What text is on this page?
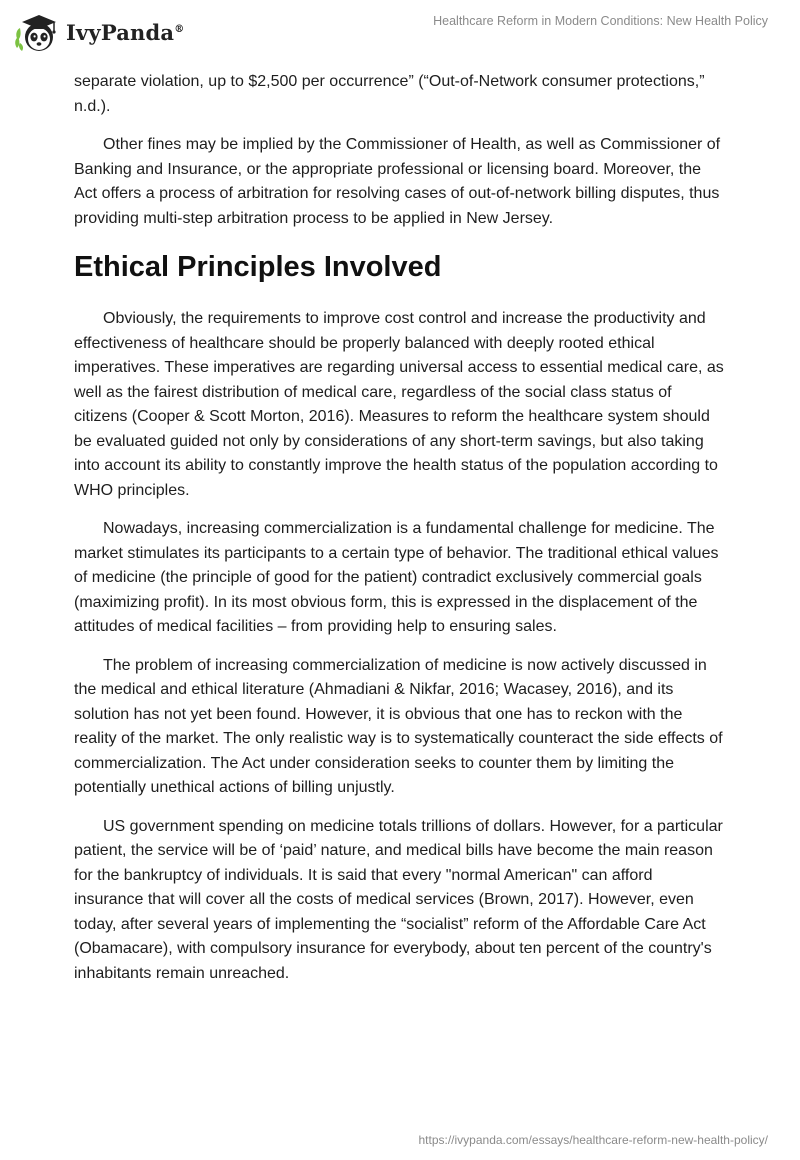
IvyPanda®
Healthcare Reform in Modern Conditions: New Health Policy

separate violation, up to $2,500 per occurrence” (“Out-of-Network consumer protections,” n.d.).

Other fines may be implied by the Commissioner of Health, as well as Commissioner of Banking and Insurance, or the appropriate professional or licensing board. Moreover, the Act offers a process of arbitration for resolving cases of out-of-network billing disputes, thus providing multi-step arbitration process to be applied in New Jersey.

Ethical Principles Involved

Obviously, the requirements to improve cost control and increase the productivity and effectiveness of healthcare should be properly balanced with deeply rooted ethical imperatives. These imperatives are regarding universal access to essential medical care, as well as the fairest distribution of medical care, regardless of the social class status of citizens (Cooper & Scott Morton, 2016). Measures to reform the healthcare system should be evaluated guided not only by considerations of any short-term savings, but also taking into account its ability to constantly improve the health status of the population according to WHO principles.

Nowadays, increasing commercialization is a fundamental challenge for medicine. The market stimulates its participants to a certain type of behavior. The traditional ethical values of medicine (the principle of good for the patient) contradict exclusively commercial goals (maximizing profit). In its most obvious form, this is expressed in the displacement of the attitudes of medical facilities – from providing help to ensuring sales.

The problem of increasing commercialization of medicine is now actively discussed in the medical and ethical literature (Ahmadiani & Nikfar, 2016; Wacasey, 2016), and its solution has not yet been found. However, it is obvious that one has to reckon with the reality of the market. The only realistic way is to systematically counteract the side effects of commercialization. The Act under consideration seeks to counter them by limiting the potentially unethical actions of billing unjustly.

US government spending on medicine totals trillions of dollars. However, for a particular patient, the service will be of ‘paid’ nature, and medical bills have become the main reason for the bankruptcy of individuals. It is said that every "normal American" can afford insurance that will cover all the costs of medical services (Brown, 2017). However, even today, after several years of implementing the “socialist” reform of the Affordable Care Act (Obamacare), with compulsory insurance for everybody, about ten percent of the country's inhabitants remain unreached.

https://ivypanda.com/essays/healthcare-reform-new-health-policy/
